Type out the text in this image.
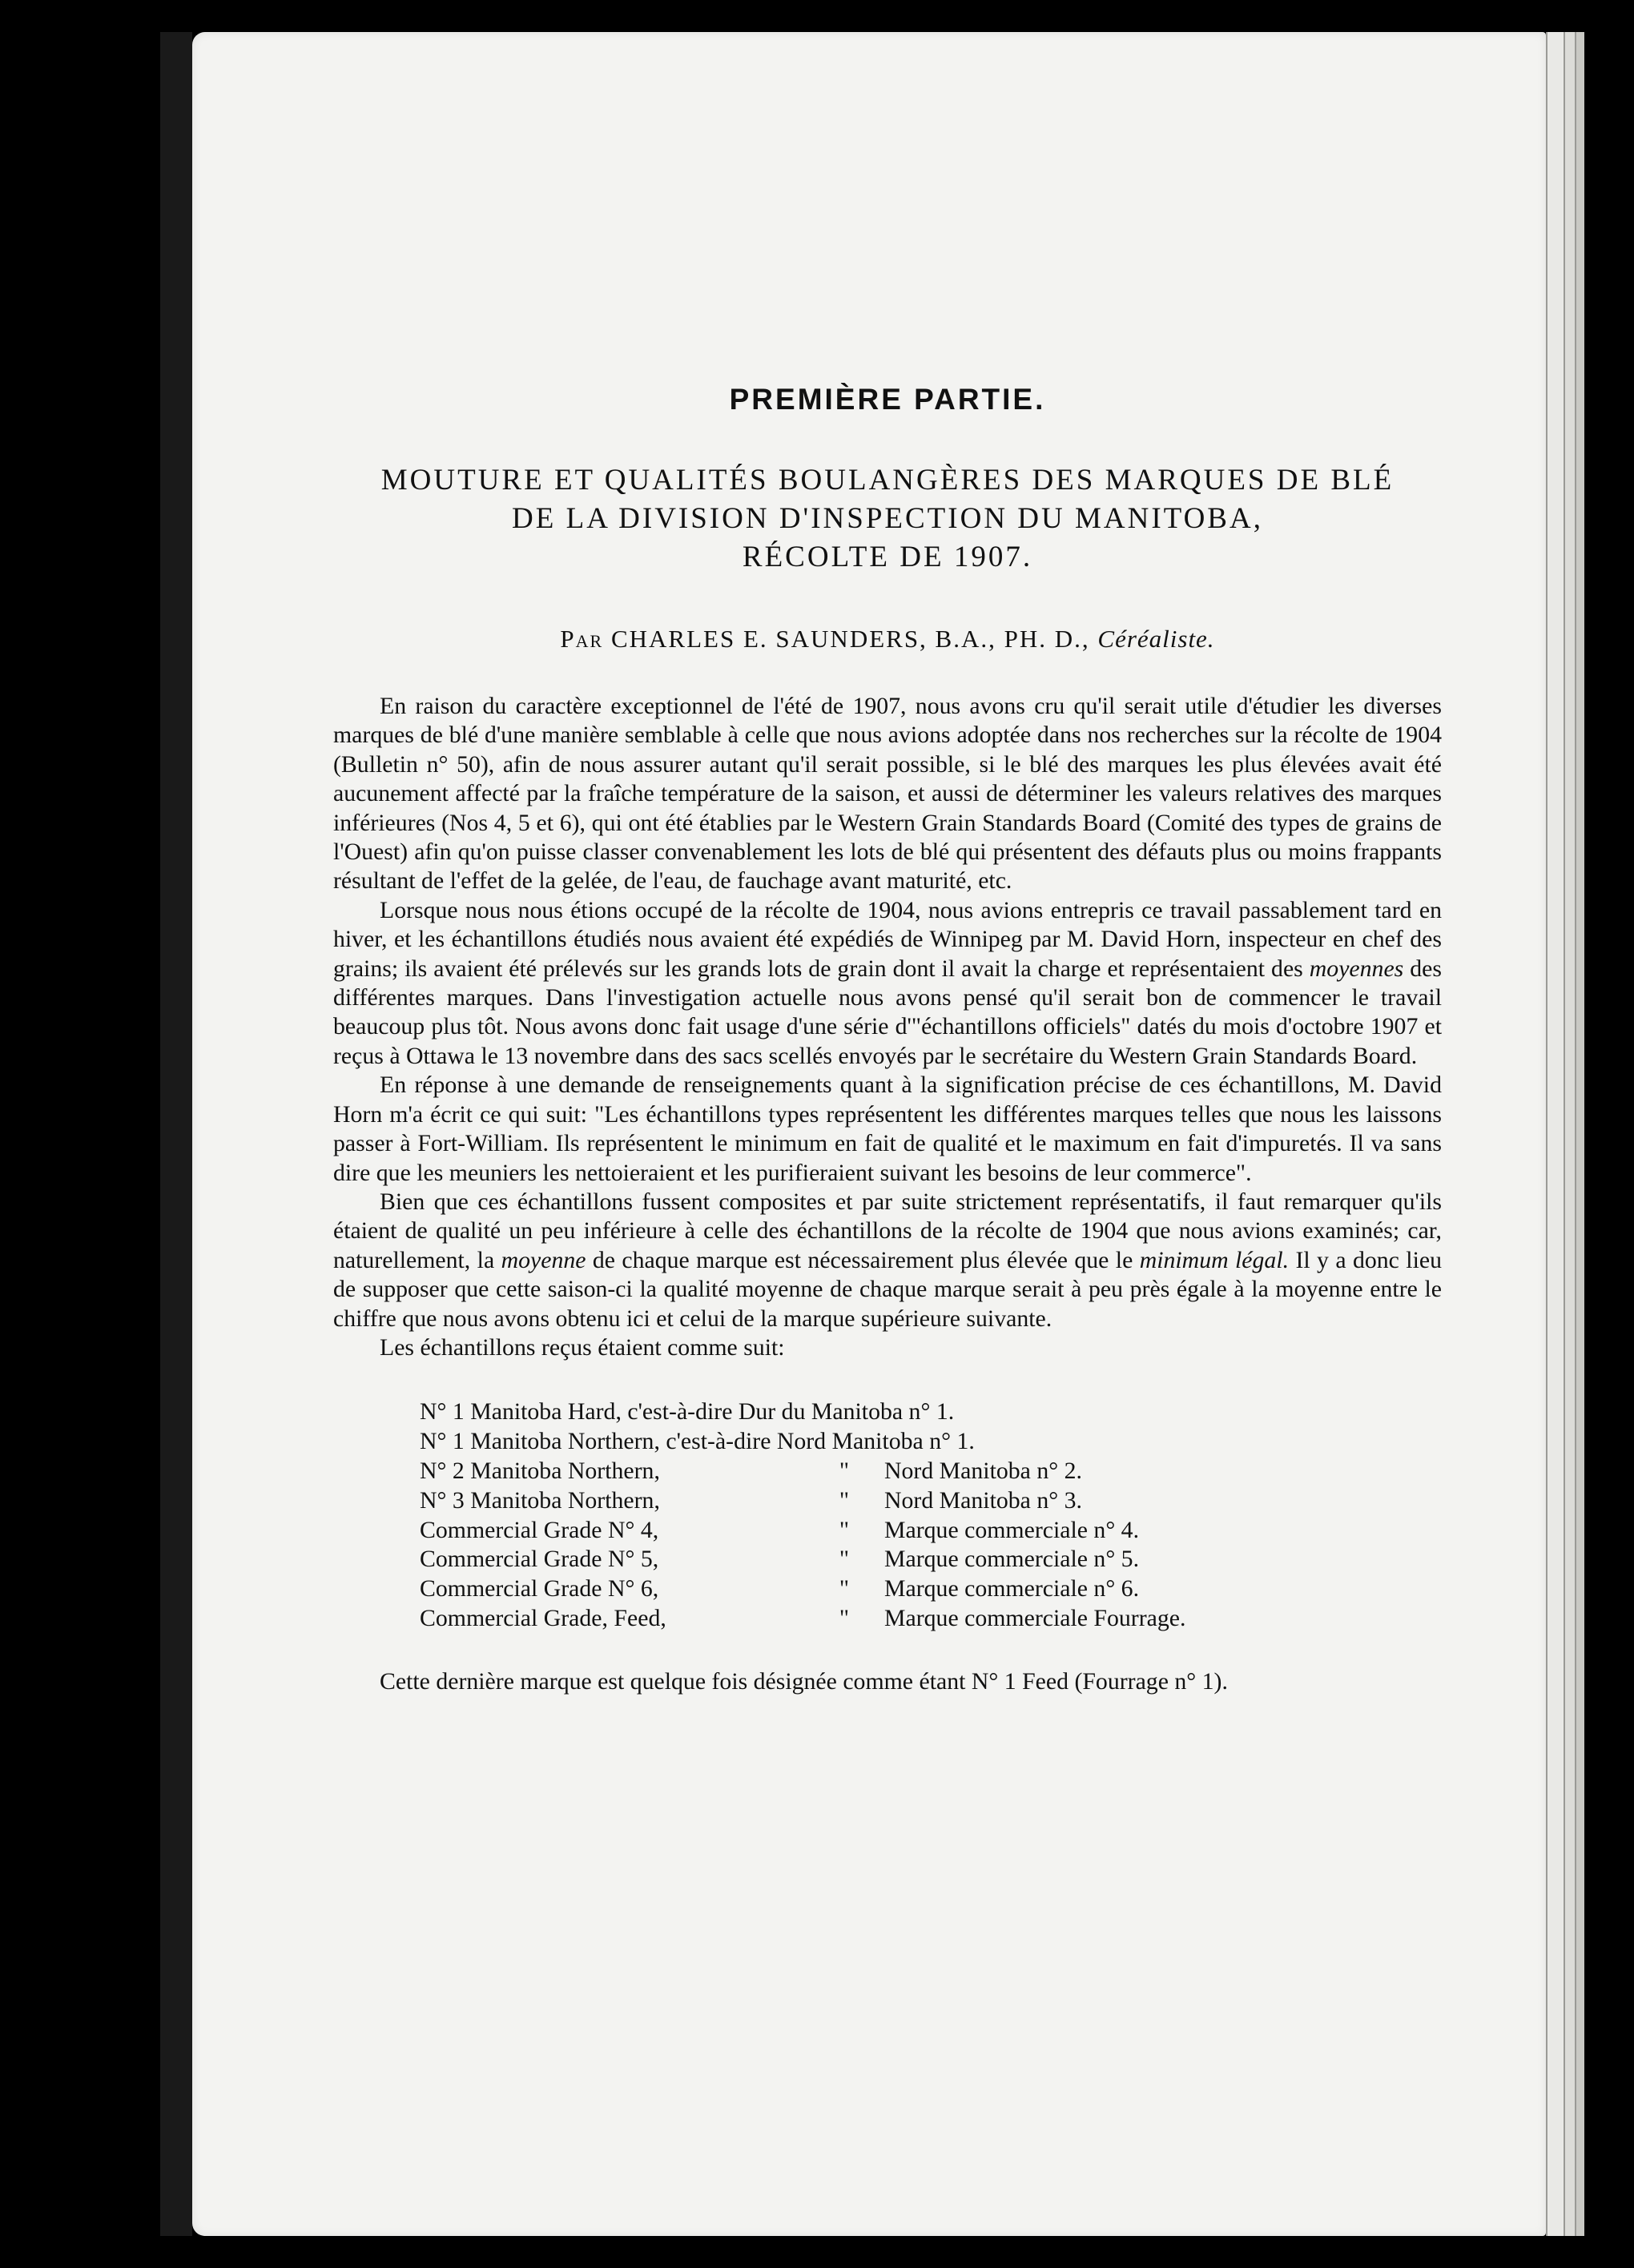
PREMIÈRE PARTIE.
MOUTURE ET QUALITÉS BOULANGÈRES DES MARQUES DE BLÉ
DE LA DIVISION D'INSPECTION DU MANITOBA,
RÉCOLTE DE 1907.
Par CHARLES E. SAUNDERS, B.A., PH. D., Céréaliste.

En raison du caractère exceptionnel de l'été de 1907, nous avons cru qu'il serait utile d'étudier les diverses marques de blé d'une manière semblable à celle que nous avions adoptée dans nos recherches sur la récolte de 1904 (Bulletin n° 50), afin de nous assurer autant qu'il serait possible, si le blé des marques les plus élevées avait été aucunement affecté par la fraîche température de la saison, et aussi de déterminer les valeurs relatives des marques inférieures (Nos 4, 5 et 6), qui ont été établies par le Western Grain Standards Board (Comité des types de grains de l'Ouest) afin qu'on puisse classer convenablement les lots de blé qui présentent des défauts plus ou moins frappants résultant de l'effet de la gelée, de l'eau, de fauchage avant maturité, etc.

Lorsque nous nous étions occupé de la récolte de 1904, nous avions entrepris ce travail passablement tard en hiver, et les échantillons étudiés nous avaient été expédiés de Winnipeg par M. David Horn, inspecteur en chef des grains; ils avaient été prélevés sur les grands lots de grain dont il avait la charge et représentaient des moyennes des différentes marques. Dans l'investigation actuelle nous avons pensé qu'il serait bon de commencer le travail beaucoup plus tôt. Nous avons donc fait usage d'une série d'"échantillons officiels" datés du mois d'octobre 1907 et reçus à Ottawa le 13 novembre dans des sacs scellés envoyés par le secrétaire du Western Grain Standards Board.

En réponse à une demande de renseignements quant à la signification précise de ces échantillons, M. David Horn m'a écrit ce qui suit: "Les échantillons types représentent les différentes marques telles que nous les laissons passer à Fort-William. Ils représentent le minimum en fait de qualité et le maximum en fait d'impuretés. Il va sans dire que les meuniers les nettoieraient et les purifieraient suivant les besoins de leur commerce".

Bien que ces échantillons fussent composites et par suite strictement représentatifs, il faut remarquer qu'ils étaient de qualité un peu inférieure à celle des échantillons de la récolte de 1904 que nous avions examinés; car, naturellement, la moyenne de chaque marque est nécessairement plus élevée que le minimum légal. Il y a donc lieu de supposer que cette saison-ci la qualité moyenne de chaque marque serait à peu près égale à la moyenne entre le chiffre que nous avons obtenu ici et celui de la marque supérieure suivante.

Les échantillons reçus étaient comme suit:

N° 1 Manitoba Hard, c'est-à-dire Dur du Manitoba n° 1.
N° 1 Manitoba Northern, c'est-à-dire Nord Manitoba n° 1.
N° 2 Manitoba Northern,	"	Nord Manitoba n° 2.
N° 3 Manitoba Northern,	"	Nord Manitoba n° 3.
Commercial Grade N° 4,	"	Marque commerciale n° 4.
Commercial Grade N° 5,	"	Marque commerciale n° 5.
Commercial Grade N° 6,	"	Marque commerciale n° 6.
Commercial Grade, Feed,	"	Marque commerciale Fourrage.

Cette dernière marque est quelque fois désignée comme étant N° 1 Feed (Fourrage n° 1).
